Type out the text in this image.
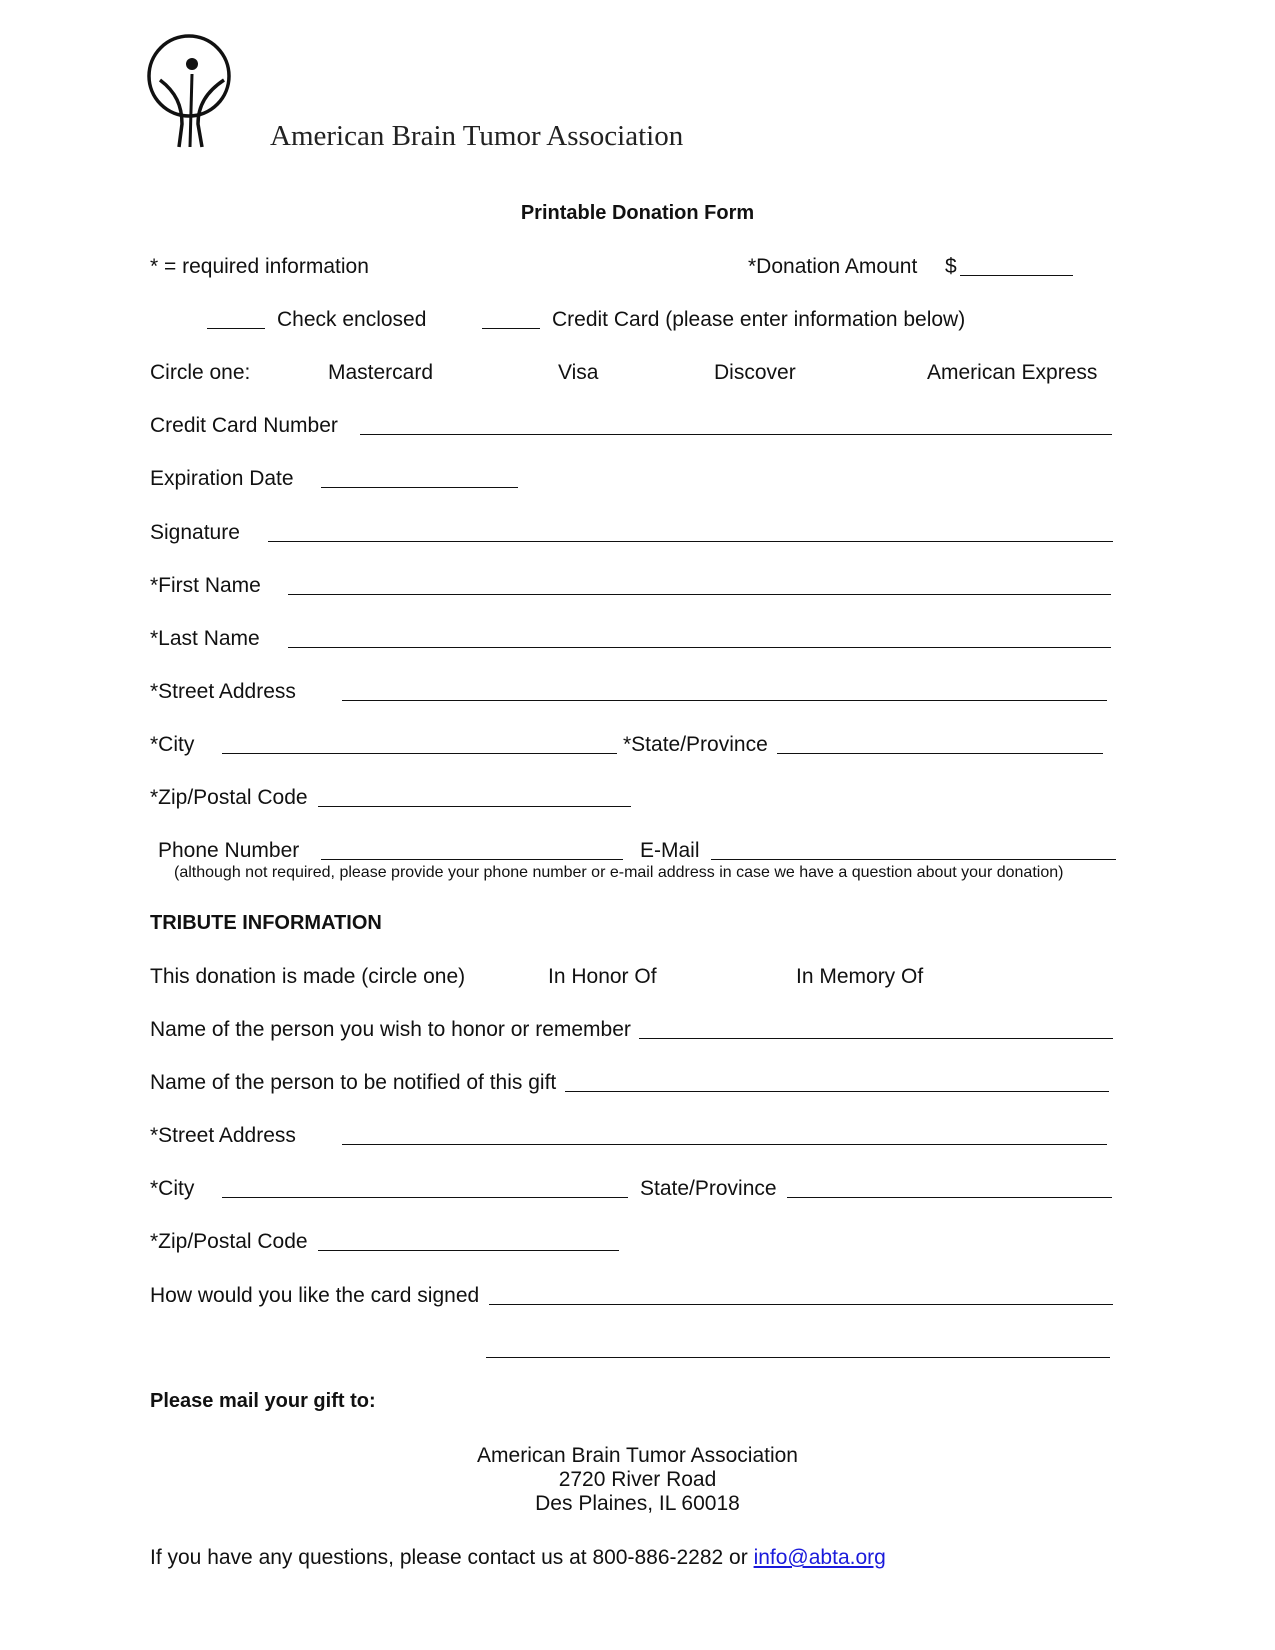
American Brain Tumor Association
Printable Donation Form
* = required information	*Donation Amount $
Check enclosed	Credit Card (please enter information below)
Circle one:	Mastercard	Visa	Discover	American Express
Credit Card Number
Expiration Date
Signature
*First Name
*Last Name
*Street Address
*City	*State/Province
*Zip/Postal Code
Phone Number	E-Mail
(although not required, please provide your phone number or e-mail address in case we have a question about your donation)
TRIBUTE INFORMATION
This donation is made (circle one)	In Honor Of	In Memory Of
Name of the person you wish to honor or remember
Name of the person to be notified of this gift
*Street Address
*City	State/Province
*Zip/Postal Code
How would you like the card signed
Please mail your gift to:
American Brain Tumor Association
2720 River Road
Des Plaines, IL 60018
If you have any questions, please contact us at 800-886-2282 or info@abta.org
